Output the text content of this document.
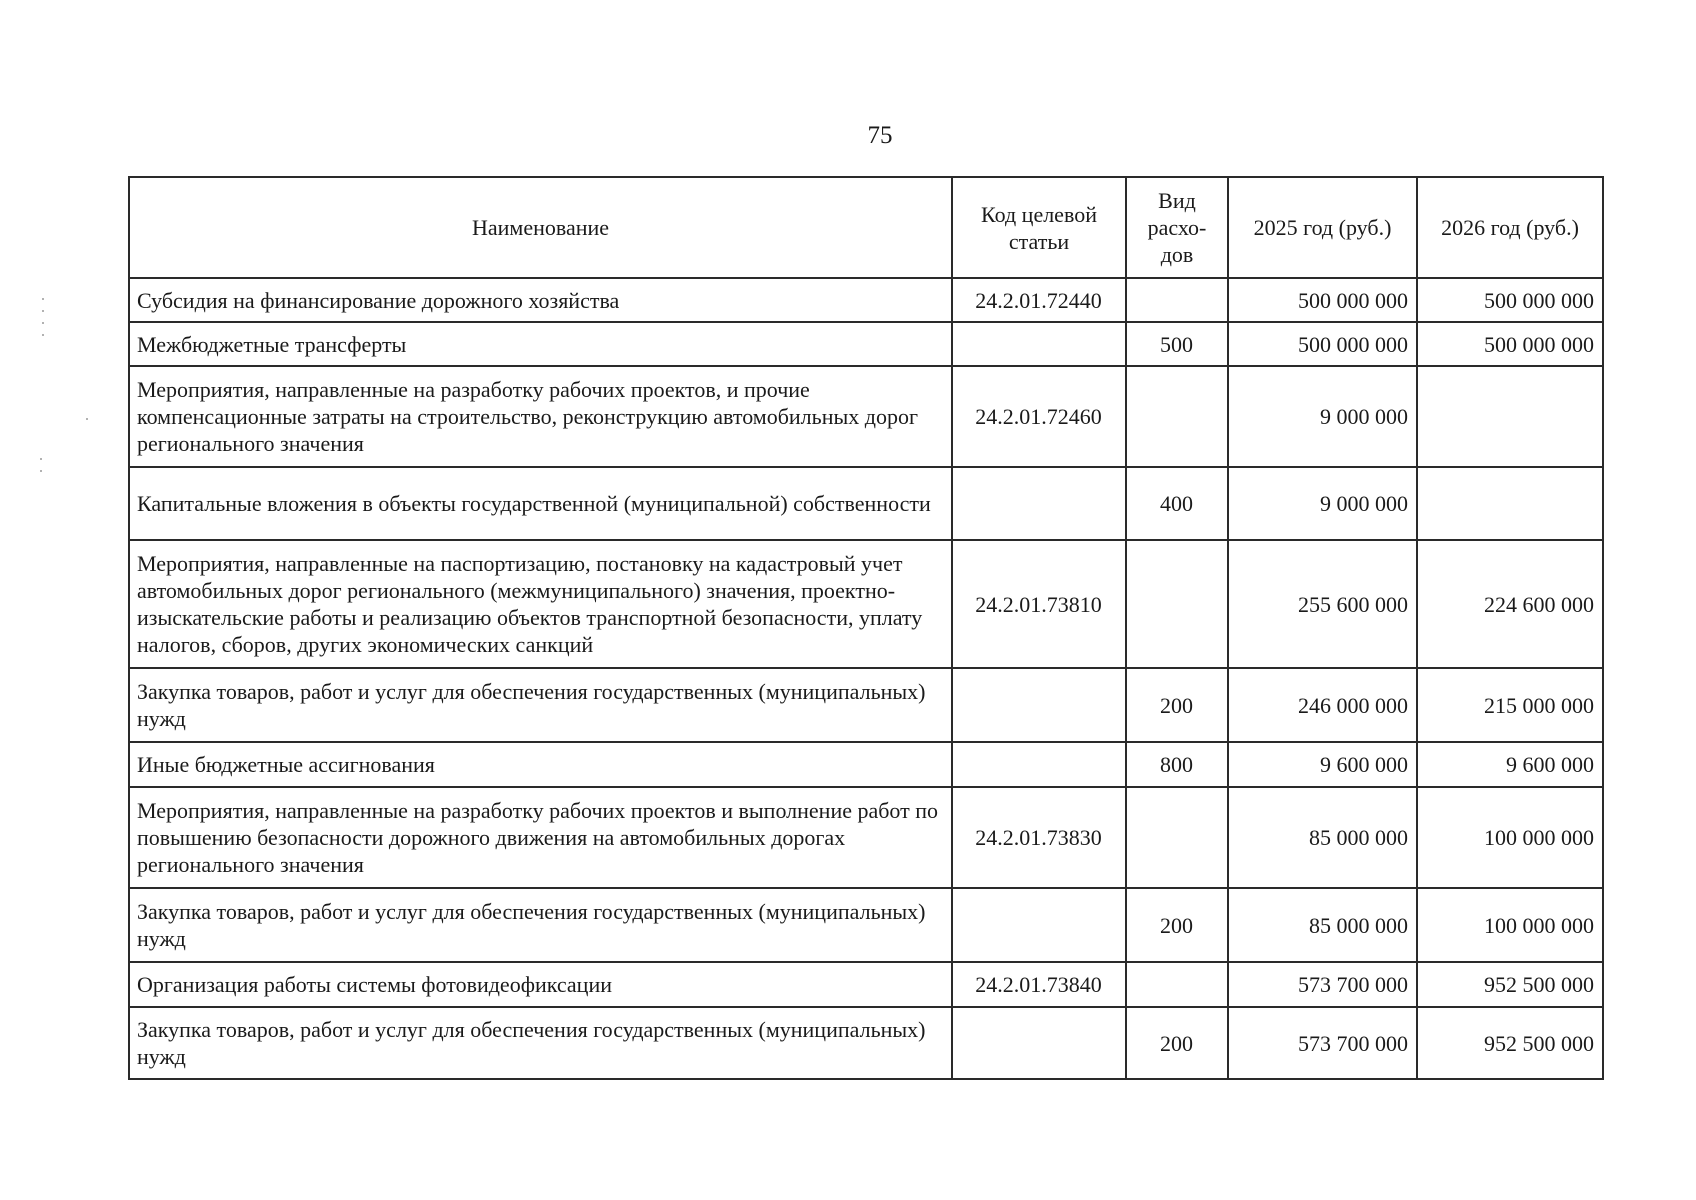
75
Наименование	Код целевой статьи	Вид расхо-дов	2025 год (руб.)	2026 год (руб.)
Субсидия на финансирование дорожного хозяйства	24.2.01.72440		500 000 000	500 000 000
Межбюджетные трансферты		500	500 000 000	500 000 000
Мероприятия, направленные на разработку рабочих проектов, и прочие компенсационные затраты на строительство, реконструкцию автомобильных дорог регионального значения	24.2.01.72460		9 000 000	
Капитальные вложения в объекты государственной (муниципальной) собственности		400	9 000 000	
Мероприятия, направленные на паспортизацию, постановку на кадастровый учет автомобильных дорог регионального (межмуниципального) значения, проектно-изыскательские работы и реализацию объектов транспортной безопасности, уплату налогов, сборов, других экономических санкций	24.2.01.73810		255 600 000	224 600 000
Закупка товаров, работ и услуг для обеспечения государственных (муниципальных) нужд		200	246 000 000	215 000 000
Иные бюджетные ассигнования		800	9 600 000	9 600 000
Мероприятия, направленные на разработку рабочих проектов и выполнение работ по повышению безопасности дорожного движения на автомобильных дорогах регионального значения	24.2.01.73830		85 000 000	100 000 000
Закупка товаров, работ и услуг для обеспечения государственных (муниципальных) нужд		200	85 000 000	100 000 000
Организация работы системы фотовидеофиксации	24.2.01.73840		573 700 000	952 500 000
Закупка товаров, работ и услуг для обеспечения государственных (муниципальных) нужд		200	573 700 000	952 500 000
